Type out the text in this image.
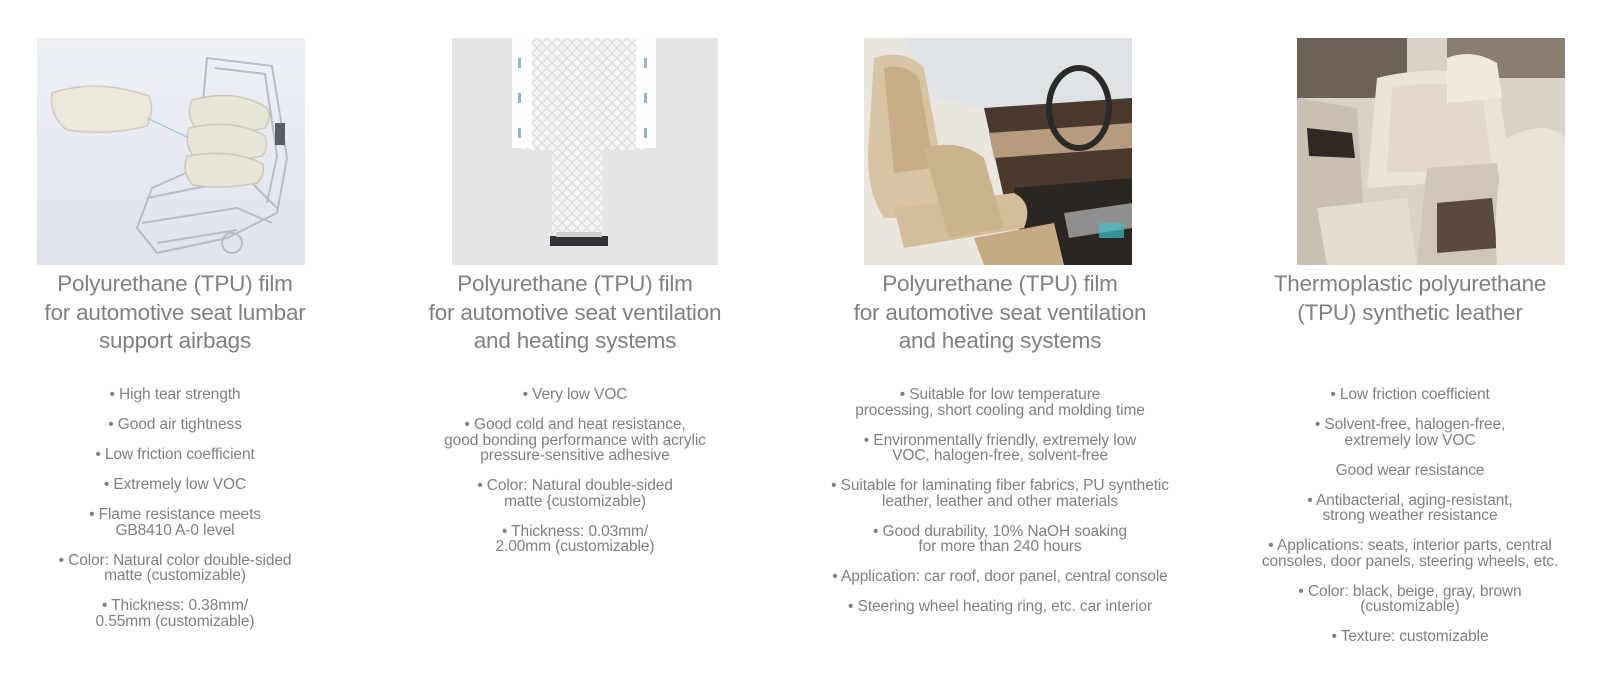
Polyurethane (TPU) film
for automotive seat lumbar
support airbags
• High tear strength
• Good air tightness
• Low friction coefficient
• Extremely low VOC
• Flame resistance meets
GB8410 A-0 level
• Color: Natural color double-sided
matte (customizable)
• Thickness: 0.38mm/
0.55mm (customizable)
Polyurethane (TPU) film
for automotive seat ventilation
and heating systems
• Very low VOC
• Good cold and heat resistance,
good bonding performance with acrylic
pressure-sensitive adhesive
• Color: Natural double-sided
matte {customizable)
• Thickness: 0.03mm/
2.00mm (customizable)
Polyurethane (TPU) film
for automotive seat ventilation
and heating systems
• Suitable for low temperature
processing, short cooling and molding time
• Environmentally friendly, extremely low
VOC, halogen-free, solvent-free
• Suitable for laminating fiber fabrics, PU synthetic
leather, leather and other materials
• Good durability, 10% NaOH soaking
for more than 240 hours
• Application: car roof, door panel, central console
• Steering wheel heating ring, etc. car interior
Thermoplastic polyurethane
(TPU) synthetic leather
• Low friction coefficient
• Solvent-free, halogen-free,
extremely low VOC
Good wear resistance
• Antibacterial, aging-resistant,
strong weather resistance
• Applications: seats, interior parts, central
consoles, door panels, steering wheels, etc.
• Color: black, beige, gray, brown
(customizable)
• Texture: customizable
